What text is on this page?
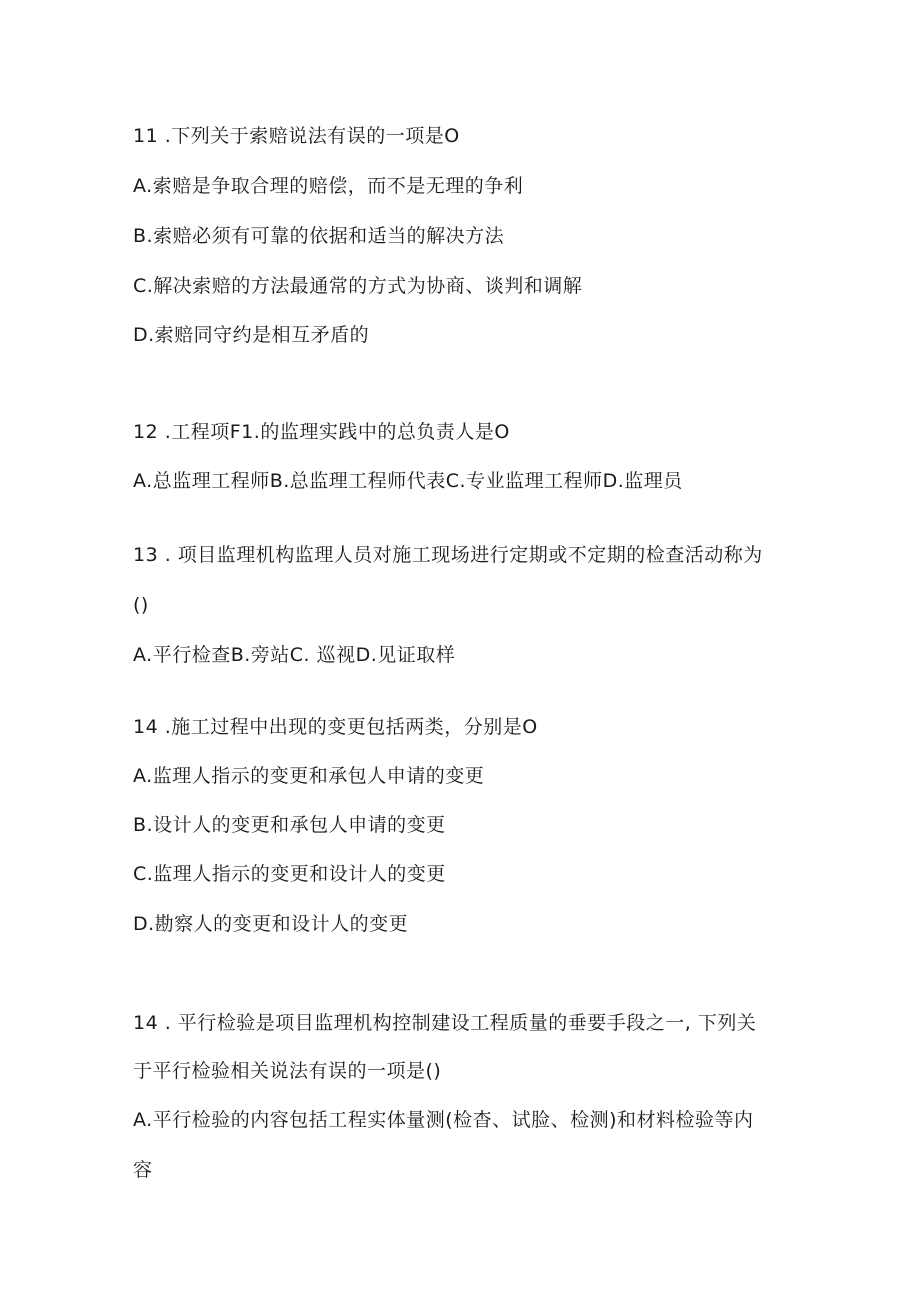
11 .下列关于索赔说法有误的一项是O
A.索赔是争取合理的赔偿，而不是无理的争利
B.索赔必须有可靠的依据和适当的解决方法
C.解决索赔的方法最通常的方式为协商、谈判和调解
D.索赔同守约是相互矛盾的
12 .工程项F1.的监理实践中的总负责人是O
A.总监理工程师B.总监理工程师代表C.专业监理工程师D.监理员
13 . 项目监理机构监理人员对施工现场进行定期或不定期的检查活动称为
()
A.平行检查B.旁站C. 巡视D.见证取样
14 .施工过程中出现的变更包括两类，分别是O
A.监理人指示的变更和承包人申请的变更
B.设计人的变更和承包人申请的变更
C.监理人指示的变更和设计人的变更
D.勘察人的变更和设计人的变更
14 . 平行检验是项目监理机构控制建设工程质量的垂要手段之一, 下列关
于平行检验相关说法有误的一项是()
A.平行检验的内容包括工程实体量测(检杳、试脸、检测)和材料检验等内
容
